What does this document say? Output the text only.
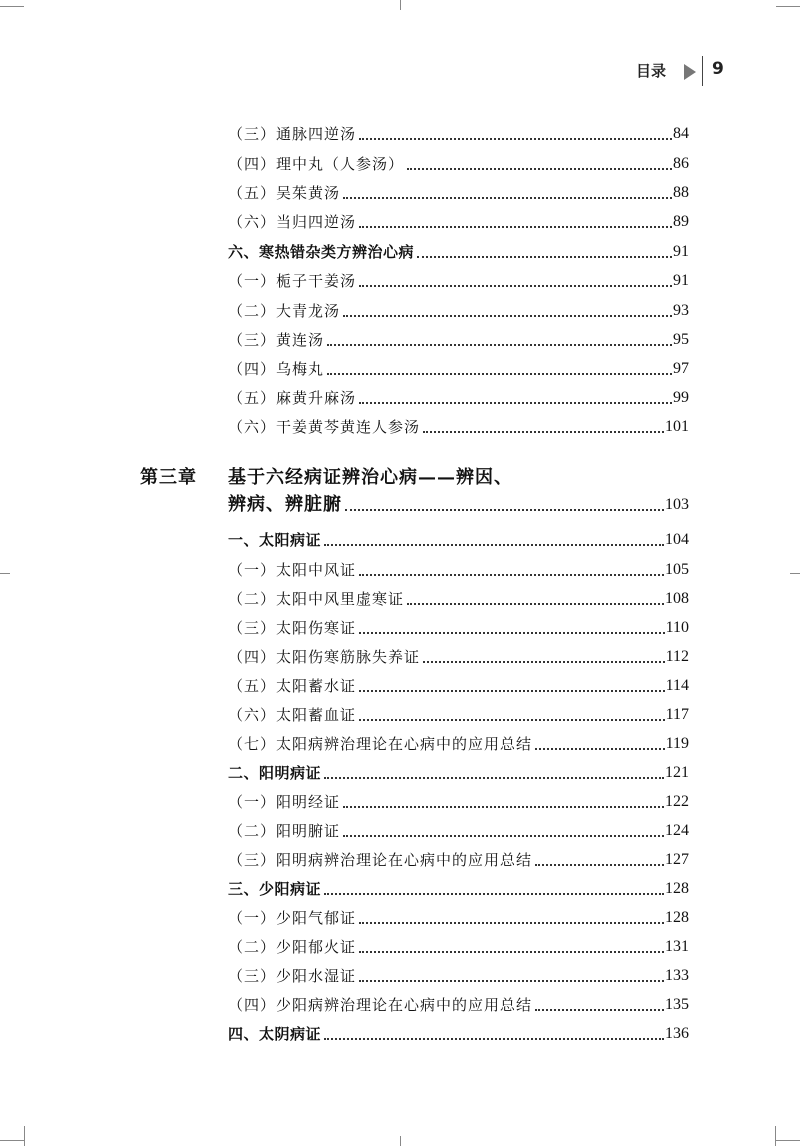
目录	9
（三）通脉四逆汤	84
（四）理中丸（人参汤）	86
（五）吴茱黄汤	88
（六）当归四逆汤	89
六、寒热错杂类方辨治心病	91
（一）栀子干姜汤	91
（二）大青龙汤	93
（三）黄连汤	95
（四）乌梅丸	97
（五）麻黄升麻汤	99
（六）干姜黄芩黄连人参汤	101
第三章 基于六经病证辨治心病——辨因、
辨病、辨脏腑	103
一、太阳病证	104
（一）太阳中风证	105
（二）太阳中风里虚寒证	108
（三）太阳伤寒证	110
（四）太阳伤寒筋脉失养证	112
（五）太阳蓄水证	114
（六）太阳蓄血证	117
（七）太阳病辨治理论在心病中的应用总结	119
二、阳明病证	121
（一）阳明经证	122
（二）阳明腑证	124
（三）阳明病辨治理论在心病中的应用总结	127
三、少阳病证	128
（一）少阳气郁证	128
（二）少阳郁火证	131
（三）少阳水湿证	133
（四）少阳病辨治理论在心病中的应用总结	135
四、太阴病证	136
